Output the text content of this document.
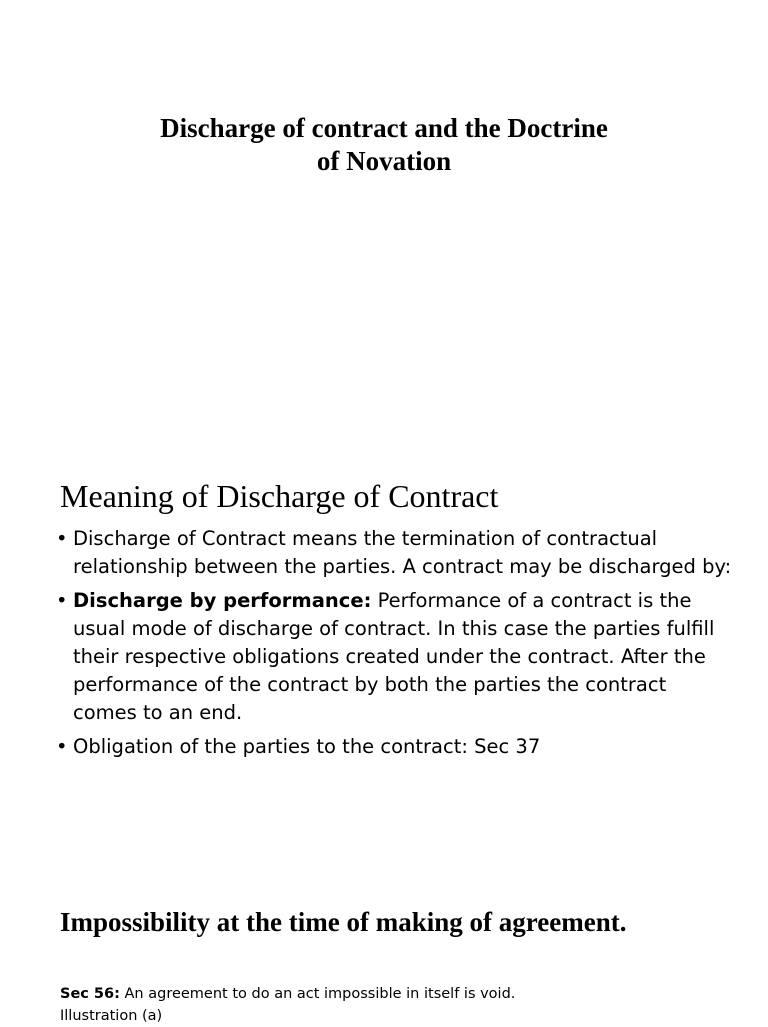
Discharge of contract and the Doctrine
of Novation
Meaning of Discharge of Contract
• Discharge of Contract means the termination of contractual relationship between the parties. A contract may be discharged by:
• Discharge by performance: Performance of a contract is the usual mode of discharge of contract. In this case the parties fulfill their respective obligations created under the contract. After the performance of the contract by both the parties the contract comes to an end.
• Obligation of the parties to the contract: Sec 37
Impossibility at the time of making of agreement.

Sec 56: An agreement to do an act impossible in itself is void.
Illustration (a)
